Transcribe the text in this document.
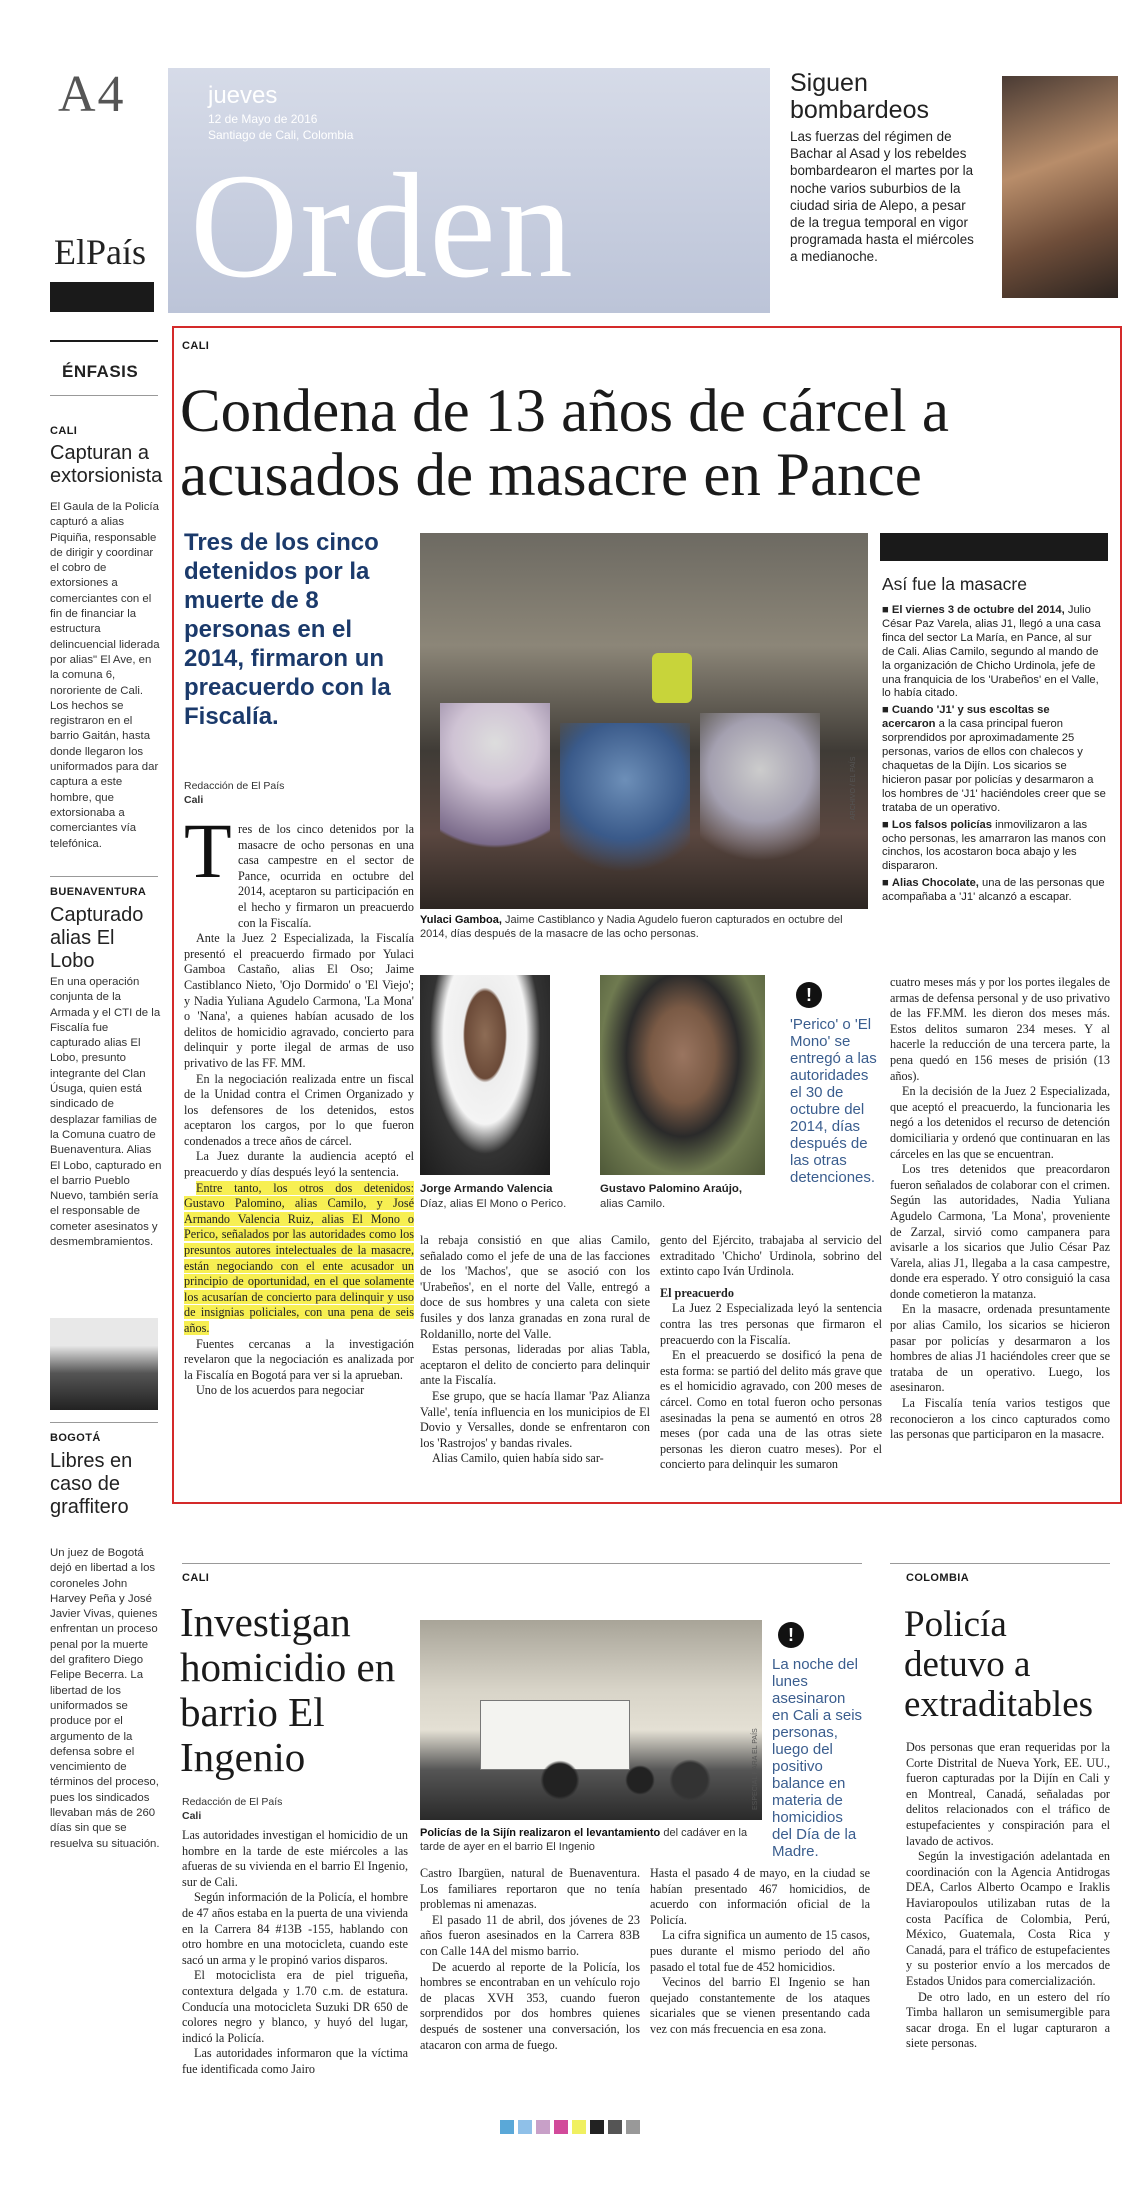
A4
ElPaís
jueves
12 de Mayo de 2016
Santiago de Cali, Colombia
Orden
Siguen bombardeos
Las fuerzas del régimen de Bachar al Asad y los rebeldes bombardearon el martes por la noche varios suburbios de la ciudad siria de Alepo, a pesar de la tregua temporal en vigor programada hasta el miércoles a medianoche.
ÉNFASIS
CALI
Capturan a extorsionista
El Gaula de la Policía capturó a alias Piquiña, responsable de dirigir y coordinar el cobro de extorsiones a comerciantes con el fin de financiar la estructura delincuencial liderada por alias" El Ave, en la comuna 6, nororiente de Cali. Los hechos se registraron en el barrio Gaitán, hasta donde llegaron los uniformados para dar captura a este hombre, que extorsionaba a comerciantes vía telefónica.
BUENAVENTURA
Capturado alias El Lobo
En una operación conjunta de la Armada y el CTI de la Fiscalía fue capturado alias El Lobo, presunto integrante del Clan Úsuga, quien está sindicado de desplazar familias de la Comuna cuatro de Buenaventura. Alias El Lobo, capturado en el barrio Pueblo Nuevo, también sería el responsable de cometer asesinatos y desmembramientos.
BOGOTÁ
Libres en caso de graffitero
Un juez de Bogotá dejó en libertad a los coroneles John Harvey Peña y José Javier Vivas, quienes enfrentan un proceso penal por la muerte del grafitero Diego Felipe Becerra. La libertad de los uniformados se produce por el argumento de la defensa sobre el vencimiento de términos del proceso, pues los sindicados llevaban más de 260 días sin que se resuelva su situación.
CALI
Condena de 13 años de cárcel a acusados de masacre en Pance
Tres de los cinco detenidos por la muerte de 8 personas en el 2014, firmaron un preacuerdo con la Fiscalía.
Redacción de El País
Cali	ARCHIVO / EL PAÍS
Yulaci Gamboa, Jaime Castiblanco y Nadia Agudelo fueron capturados en octubre del 2014, días después de la masacre de las ocho personas.
Así fue la masacre
■ El viernes 3 de octubre del 2014, Julio César Paz Varela, alias J1, llegó a una casa finca del sector La María, en Pance, al sur de Cali. Alias Camilo, segundo al mando de la organización de Chicho Urdinola, jefe de una franquicia de los 'Urabeños' en el Valle, lo había citado.
■ Cuando 'J1' y sus escoltas se acercaron a la casa principal fueron sorprendidos por aproximadamente 25 personas, varios de ellos con chalecos y chaquetas de la Dijín. Los sicarios se hicieron pasar por policías y desarmaron a los hombres de 'J1' haciéndoles creer que se trataba de un operativo.
■ Los falsos policías inmovilizaron a las ocho personas, les amarraron las manos con cinchos, los acostaron boca abajo y les dispararon.
■ Alias Chocolate, una de las personas que acompañaba a 'J1' alcanzó a escapar.
T res de los cinco detenidos por la masacre de ocho personas en una casa campestre en el sector de Pance, ocurrida en octubre del 2014, aceptaron su participación en el hecho y firmaron un preacuerdo con la Fiscalía.

Ante la Juez 2 Especializada, la Fiscalía presentó el preacuerdo firmado por Yulaci Gamboa Castaño, alias El Oso; Jaime Castiblanco Nieto, 'Ojo Dormido' o 'El Viejo'; y Nadia Yuliana Agudelo Carmona, 'La Mona' o 'Nana', a quienes habían acusado de los delitos de homicidio agravado, concierto para delinquir y porte ilegal de armas de uso privativo de las FF. MM.

En la negociación realizada entre un fiscal de la Unidad contra el Crimen Organizado y los defensores de los detenidos, estos aceptaron los cargos, por lo que fueron condenados a trece años de cárcel.

La Juez durante la audiencia aceptó el preacuerdo y días después leyó la sentencia.

Entre tanto, los otros dos detenidos: Gustavo Palomino, alias Camilo, y José Armando Valencia Ruiz, alias El Mono o Perico, señalados por las autoridades como los presuntos autores intelectuales de la masacre, están negociando con el ente acusador un principio de oportunidad, en el que solamente los acusarían de concierto para delinquir y uso de insignias policiales, con una pena de seis años.

Fuentes cercanas a la investigación revelaron que la negociación es analizada por la Fiscalía en Bogotá para ver si la aprueban.

Uno de los acuerdos para negociar

Jorge Armando Valencia
Díaz, alias El Mono o Perico.
Gustavo Palomino Araújo,
alias Camilo.
!
'Perico' o 'El Mono' se entregó a las autoridades el 30 de octubre del 2014, días después de las otras detenciones.
la rebaja consistió en que alias Camilo, señalado como el jefe de una de las facciones de los 'Machos', que se asoció con los 'Urabeños', en el norte del Valle, entregó a doce de sus hombres y una caleta con siete fusiles y dos lanza granadas en zona rural de Roldanillo, norte del Valle.

Estas personas, lideradas por alias Tabla, aceptaron el delito de concierto para delinquir ante la Fiscalía.

Ese grupo, que se hacía llamar 'Paz Alianza Valle', tenía influencia en los municipios de El Dovio y Versalles, donde se enfrentaron con los 'Rastrojos' y bandas rivales.

Alias Camilo, quien había sido sar-

gento del Ejército, trabajaba al servicio del extraditado 'Chicho' Urdinola, sobrino del extinto capo Iván Urdinola.
El preacuerdo

La Juez 2 Especializada leyó la sentencia contra las tres personas que firmaron el preacuerdo con la Fiscalía.

En el preacuerdo se dosificó la pena de esta forma: se partió del delito más grave que es el homicidio agravado, con 200 meses de cárcel. Como en total fueron ocho personas asesinadas la pena se aumentó en otros 28 meses (por cada una de las otras siete personas les dieron cuatro meses). Por el concierto para delinquir les sumaron

cuatro meses más y por los portes ilegales de armas de defensa personal y de uso privativo de las FF.MM. les dieron dos meses más. Estos delitos sumaron 234 meses. Y al hacerle la reducción de una tercera parte, la pena quedó en 156 meses de prisión (13 años).

En la decisión de la Juez 2 Especializada, que aceptó el preacuerdo, la funcionaria les negó a los detenidos el recurso de detención domiciliaria y ordenó que continuaran en las cárceles en las que se encuentran.

Los tres detenidos que preacordaron fueron señalados de colaborar con el crimen. Según las autoridades, Nadia Yuliana Agudelo Carmona, 'La Mona', proveniente de Zarzal, sirvió como campanera para avisarle a los sicarios que Julio César Paz Varela, alias J1, llegaba a la casa campestre, donde era esperado. Y otro consiguió la casa donde cometieron la matanza.

En la masacre, ordenada presuntamente por alias Camilo, los sicarios se hicieron pasar por policías y desarmaron a los hombres de alias J1 haciéndoles creer que se trataba de un operativo. Luego, los asesinaron.

La Fiscalía tenía varios testigos que reconocieron a los cinco capturados como las personas que participaron en la masacre.

CALI
Investigan homicidio en barrio El Ingenio
Redacción de El País
Cali
ESPECIAL PARA EL PAÍS
Policías de la Sijín realizaron el levantamiento del cadáver en la tarde de ayer en el barrio El Ingenio
!
La noche del lunes asesinaron en Cali a seis personas, luego del positivo balance en materia de homicidios del Día de la Madre.
Las autoridades investigan el homicidio de un hombre en la tarde de este miércoles a las afueras de su vivienda en el barrio El Ingenio, sur de Cali.

Según información de la Policía, el hombre de 47 años estaba en la puerta de una vivienda en la Carrera 84 #13B -155, hablando con otro hombre en una motocicleta, cuando este sacó un arma y le propinó varios disparos.

El motociclista era de piel trigueña, contextura delgada y 1.70 c.m. de estatura. Conducía una motocicleta Suzuki DR 650 de colores negro y blanco, y huyó del lugar, indicó la Policía.

Las autoridades informaron que la víctima fue identificada como Jairo

Castro Ibargüen, natural de Buenaventura. Los familiares reportaron que no tenía problemas ni amenazas.

El pasado 11 de abril, dos jóvenes de 23 años fueron asesinados en la Carrera 83B con Calle 14A del mismo barrio.

De acuerdo al reporte de la Policía, los hombres se encontraban en un vehículo rojo de placas XVH 353, cuando fueron sorprendidos por dos hombres quienes después de sostener una conversación, los atacaron con arma de fuego.

Hasta el pasado 4 de mayo, en la ciudad se habían presentado 467 homicidios, de acuerdo con información oficial de la Policía.

La cifra significa un aumento de 15 casos, pues durante el mismo periodo del año pasado el total fue de 452 homicidios.

Vecinos del barrio El Ingenio se han quejado constantemente de los ataques sicariales que se vienen presentando cada vez con más frecuencia en esa zona.

COLOMBIA
Policía detuvo a extraditables
Dos personas que eran requeridas por la Corte Distrital de Nueva York, EE. UU., fueron capturadas por la Dijín en Cali y en Montreal, Canadá, señaladas por delitos relacionados con el tráfico de estupefacientes y conspiración para el lavado de activos.

Según la investigación adelantada en coordinación con la Agencia Antidrogas DEA, Carlos Alberto Ocampo e Iraklis Haviaropoulos utilizaban rutas de la costa Pacífica de Colombia, Perú, México, Guatemala, Costa Rica y Canadá, para el tráfico de estupefacientes y su posterior envío a los mercados de Estados Unidos para comercialización.

De otro lado, en un estero del río Timba hallaron un semisumergible para sacar droga. En el lugar capturaron a siete personas.
